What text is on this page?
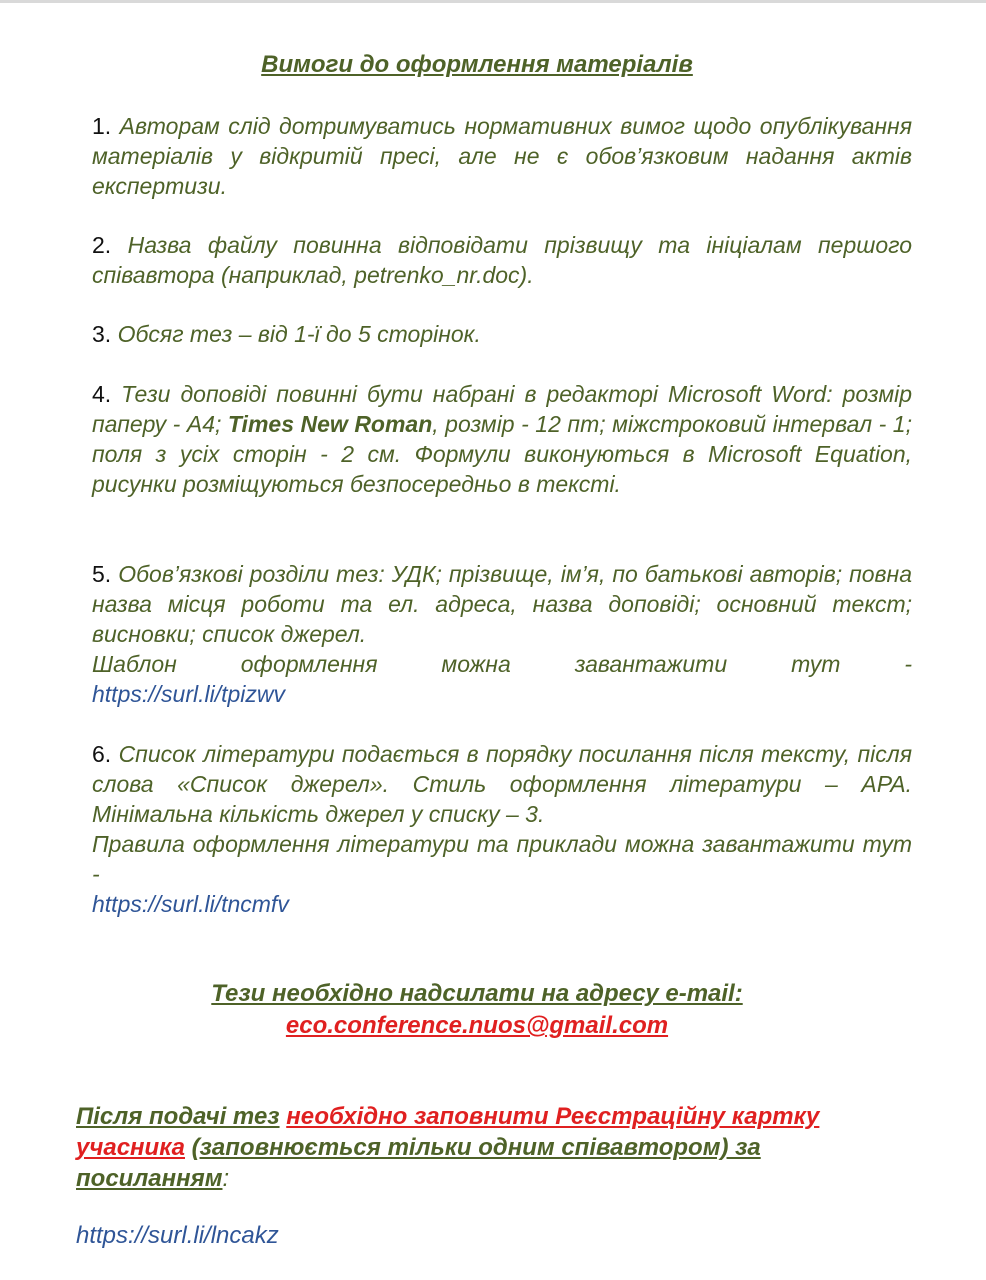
Вимоги до оформлення матеріалів
1. Авторам слід дотримуватись нормативних вимог щодо опублікування матеріалів у відкритій пресі, але не є обов’язковим надання актів експертизи.
2. Назва файлу повинна відповідати прізвищу та ініціалам першого співавтора (наприклад, petrenko_nr.doc).
3. Обсяг тез – від 1-ї до 5 сторінок.
4. Тези доповіді повинні бути набрані в редакторі Microsoft Word: розмір паперу - А4; Times New Roman, розмір - 12 пт; міжстроковий інтервал - 1; поля з усіх сторін - 2 см. Формули виконуються в Microsoft Equation, рисунки розміщуються безпосередньо в тексті.
5. Обов’язкові розділи тез: УДК; прізвище, ім’я, по батькові авторів; повна назва місця роботи та ел. адреса, назва доповіді; основний текст; висновки; список джерел.
Шаблон оформлення можна завантажити тут -
https://surl.li/tpizwv
6. Список літератури подається в порядку посилання після тексту, після слова «Список джерел». Стиль оформлення літератури – АРА. Мінімальна кількість джерел у списку – 3.
Правила оформлення літератури та приклади можна завантажити тут -
https://surl.li/tncmfv
Тези необхідно надсилати на адресу e-mail:
eco.conference.nuos@gmail.com
Після подачі тез необхідно заповнити Реєстраційну картку учасника (заповнюється тільки одним співавтором) за посиланням:
https://surl.li/lncakz
